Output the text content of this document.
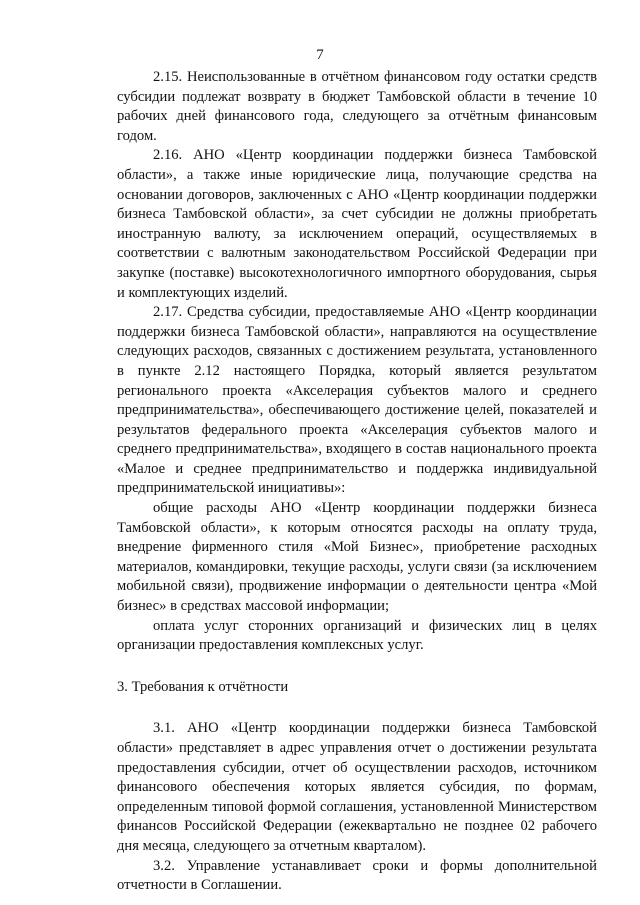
7

2.15. Неиспользованные в отчётном финансовом году остатки средств субсидии подлежат возврату в бюджет Тамбовской области в течение 10 рабочих дней финансового года, следующего за отчётным финансовым годом.

2.16. АНО «Центр координации поддержки бизнеса Тамбовской области», а также иные юридические лица, получающие средства на основании договоров, заключенных с АНО «Центр координации поддержки бизнеса Тамбовской области», за счет субсидии не должны приобретать иностранную валюту, за исключением операций, осуществляемых в соответствии с валютным законодательством Российской Федерации при закупке (поставке) высокотехнологичного импортного оборудования, сырья и комплектующих изделий.

2.17. Средства субсидии, предоставляемые АНО «Центр координации поддержки бизнеса Тамбовской области», направляются на осуществление следующих расходов, связанных с достижением результата, установленного в пункте 2.12 настоящего Порядка, который является результатом регионального проекта «Акселерация субъектов малого и среднего предпринимательства», обеспечивающего достижение целей, показателей и результатов федерального проекта «Акселерация субъектов малого и среднего предпринимательства», входящего в состав национального проекта «Малое и среднее предпринимательство и поддержка индивидуальной предпринимательской инициативы»:

общие расходы АНО «Центр координации поддержки бизнеса Тамбовской области», к которым относятся расходы на оплату труда, внедрение фирменного стиля «Мой Бизнес», приобретение расходных материалов, командировки, текущие расходы, услуги связи (за исключением мобильной связи), продвижение информации о деятельности центра «Мой бизнес» в средствах массовой информации;

оплата услуг сторонних организаций и физических лиц в целях организации предоставления комплексных услуг.

3. Требования к отчётности

3.1. АНО «Центр координации поддержки бизнеса Тамбовской области» представляет в адрес управления отчет о достижении результата предоставления субсидии, отчет об осуществлении расходов, источником финансового обеспечения которых является субсидия, по формам, определенным типовой формой соглашения, установленной Министерством финансов Российской Федерации (ежеквартально не позднее 02 рабочего дня месяца, следующего за отчетным кварталом).

3.2. Управление устанавливает сроки и формы дополнительной отчетности в Соглашении.
